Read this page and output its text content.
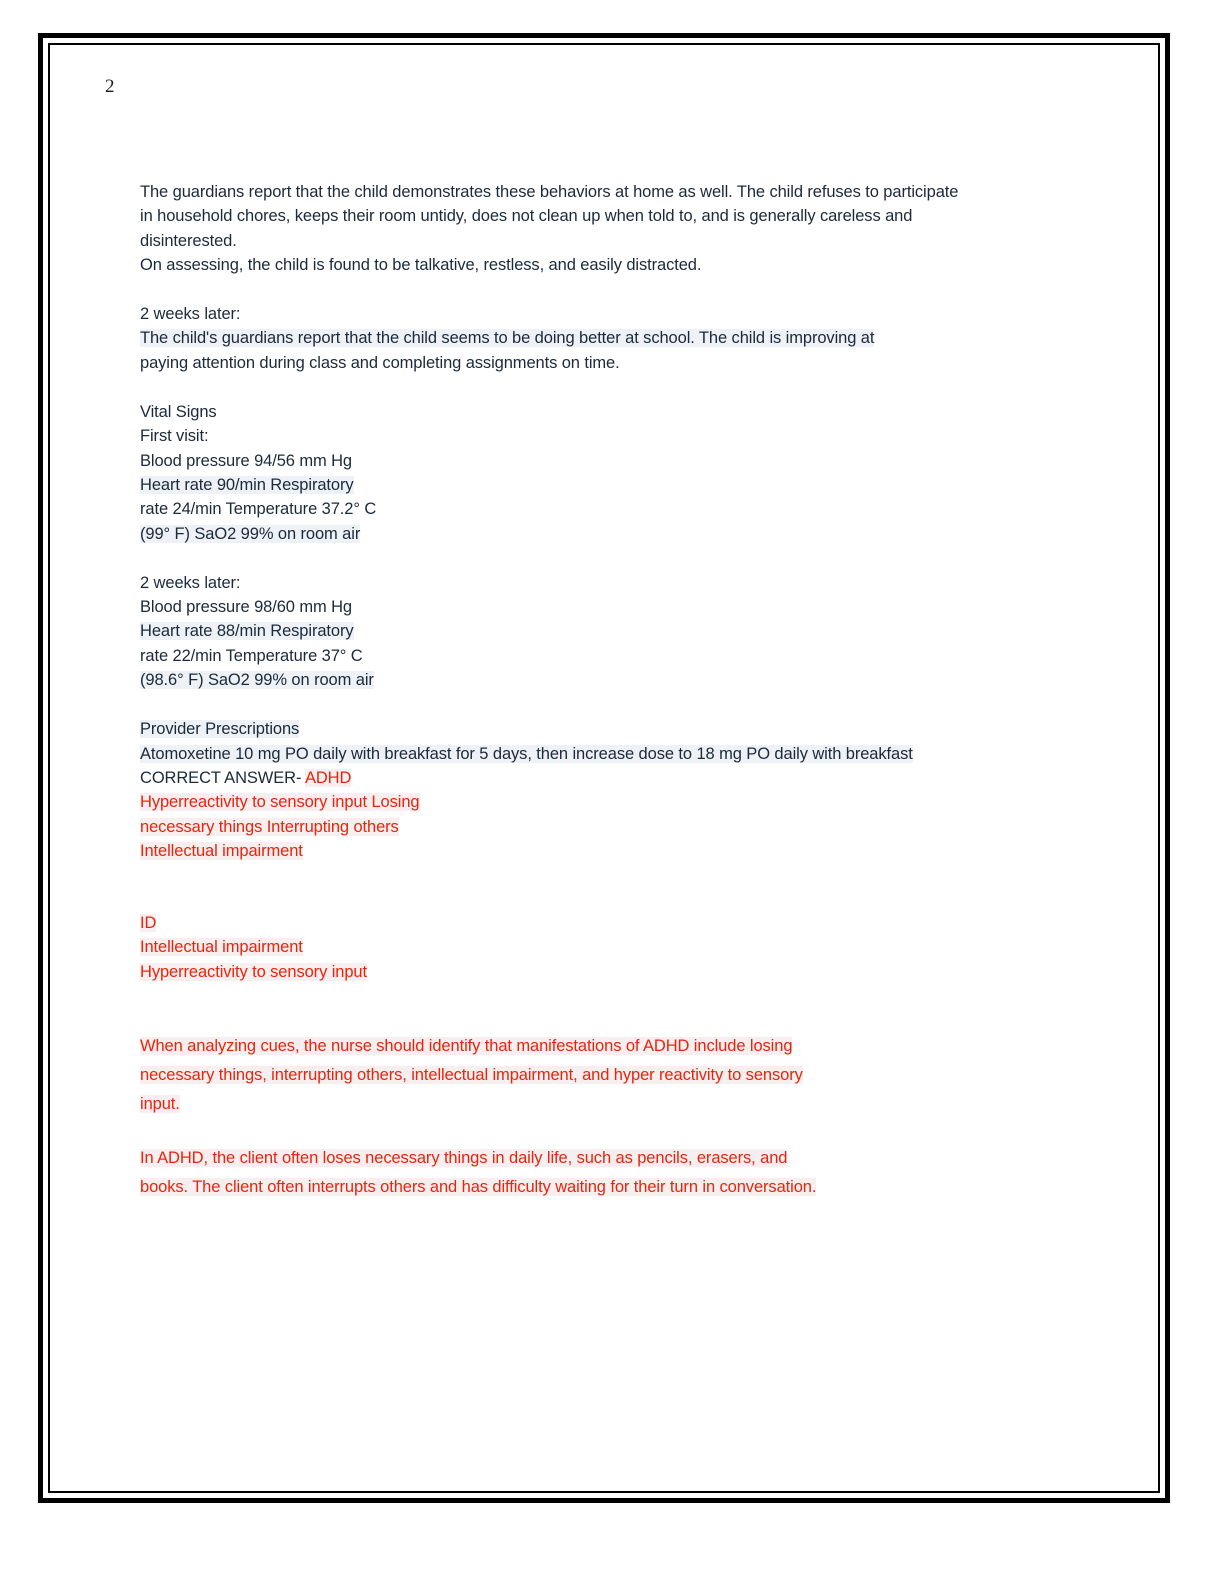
2

The guardians report that the child demonstrates these behaviors at home as well. The child refuses to participate
in household chores, keeps their room untidy, does not clean up when told to, and is generally careless and
disinterested.
On assessing, the child is found to be talkative, restless, and easily distracted.

2 weeks later:
The child's guardians report that the child seems to be doing better at school. The child is improving at
paying attention during class and completing assignments on time.

Vital Signs
First visit:
Blood pressure 94/56 mm Hg
Heart rate 90/min Respiratory
rate 24/min Temperature 37.2° C
(99° F) SaO2 99% on room air

2 weeks later:
Blood pressure 98/60 mm Hg
Heart rate 88/min Respiratory
rate 22/min Temperature 37° C
(98.6° F) SaO2 99% on room air

Provider Prescriptions
Atomoxetine 10 mg PO daily with breakfast for 5 days, then increase dose to 18 mg PO daily with breakfast
CORRECT ANSWER- ADHD
Hyperreactivity to sensory input Losing
necessary things Interrupting others
Intellectual impairment

ID
Intellectual impairment
Hyperreactivity to sensory input

When analyzing cues, the nurse should identify that manifestations of ADHD include losing
necessary things, interrupting others, intellectual impairment, and hyper reactivity to sensory
input.

In ADHD, the client often loses necessary things in daily life, such as pencils, erasers, and
books. The client often interrupts others and has difficulty waiting for their turn in conversation.
